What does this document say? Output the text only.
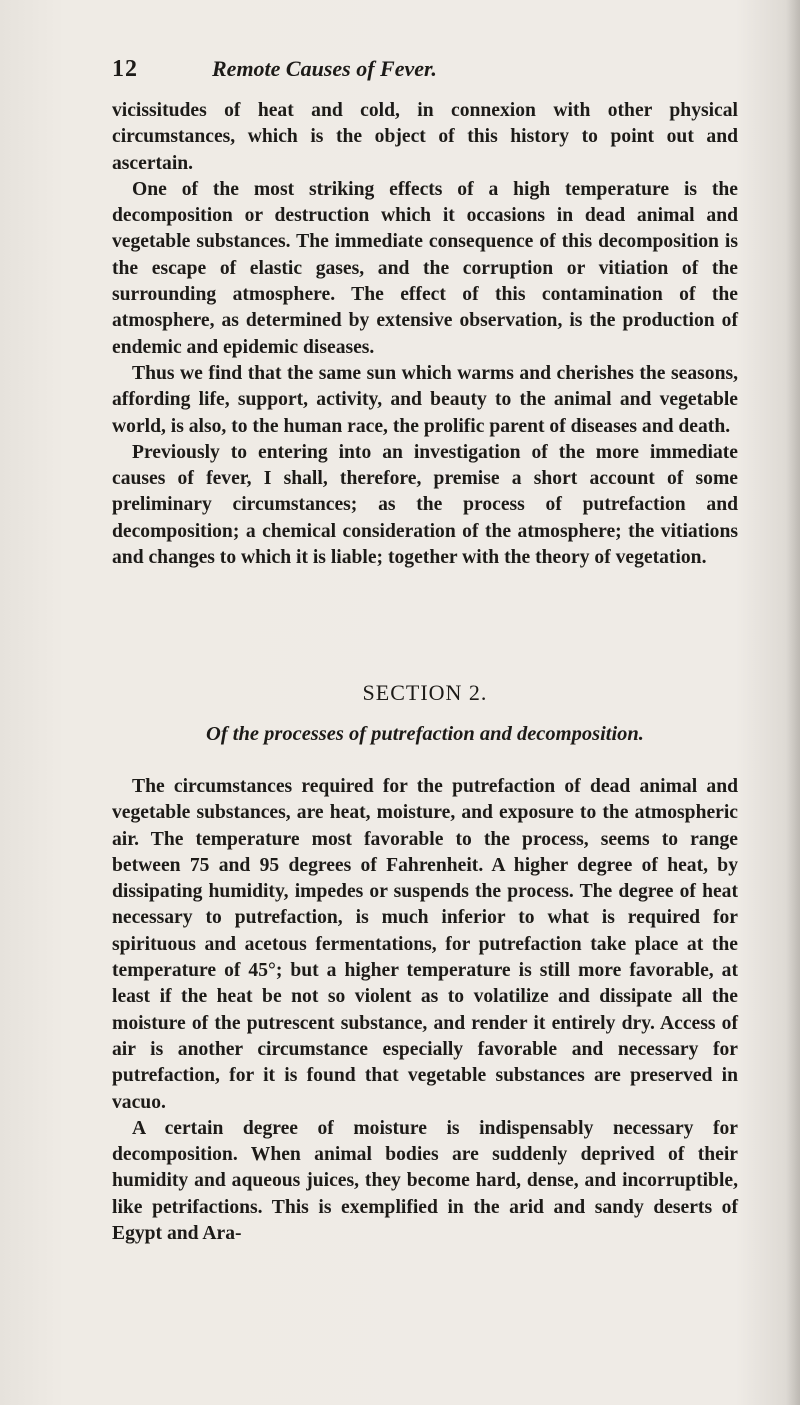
12	Remote Causes of Fever.

vicissitudes of heat and cold, in connexion with other physical circumstances, which is the object of this history to point out and ascertain.

One of the most striking effects of a high temperature is the decomposition or destruction which it occasions in dead animal and vegetable substances. The immediate consequence of this decomposition is the escape of elastic gases, and the corruption or vitiation of the surrounding atmosphere. The effect of this contamination of the atmosphere, as determined by extensive observation, is the production of endemic and epidemic diseases.

Thus we find that the same sun which warms and cherishes the seasons, affording life, support, activity, and beauty to the animal and vegetable world, is also, to the human race, the prolific parent of diseases and death.

Previously to entering into an investigation of the more immediate causes of fever, I shall, therefore, premise a short account of some preliminary circumstances; as the process of putrefaction and decomposition; a chemical consideration of the atmosphere; the vitiations and changes to which it is liable; together with the theory of vegetation.

SECTION 2.
Of the processes of putrefaction and decomposition.

The circumstances required for the putrefaction of dead animal and vegetable substances, are heat, moisture, and exposure to the atmospheric air. The temperature most favorable to the process, seems to range between 75 and 95 degrees of Fahrenheit. A higher degree of heat, by dissipating humidity, impedes or suspends the process. The degree of heat necessary to putrefaction, is much inferior to what is required for spirituous and acetous fermentations, for putrefaction take place at the temperature of 45°; but a higher temperature is still more favorable, at least if the heat be not so violent as to volatilize and dissipate all the moisture of the putrescent substance, and render it entirely dry. Access of air is another circumstance especially favorable and necessary for putrefaction, for it is found that vegetable substances are preserved in vacuo.

A certain degree of moisture is indispensably necessary for decomposition. When animal bodies are suddenly deprived of their humidity and aqueous juices, they become hard, dense, and incorruptible, like petrifactions. This is exemplified in the arid and sandy deserts of Egypt and Ara-
